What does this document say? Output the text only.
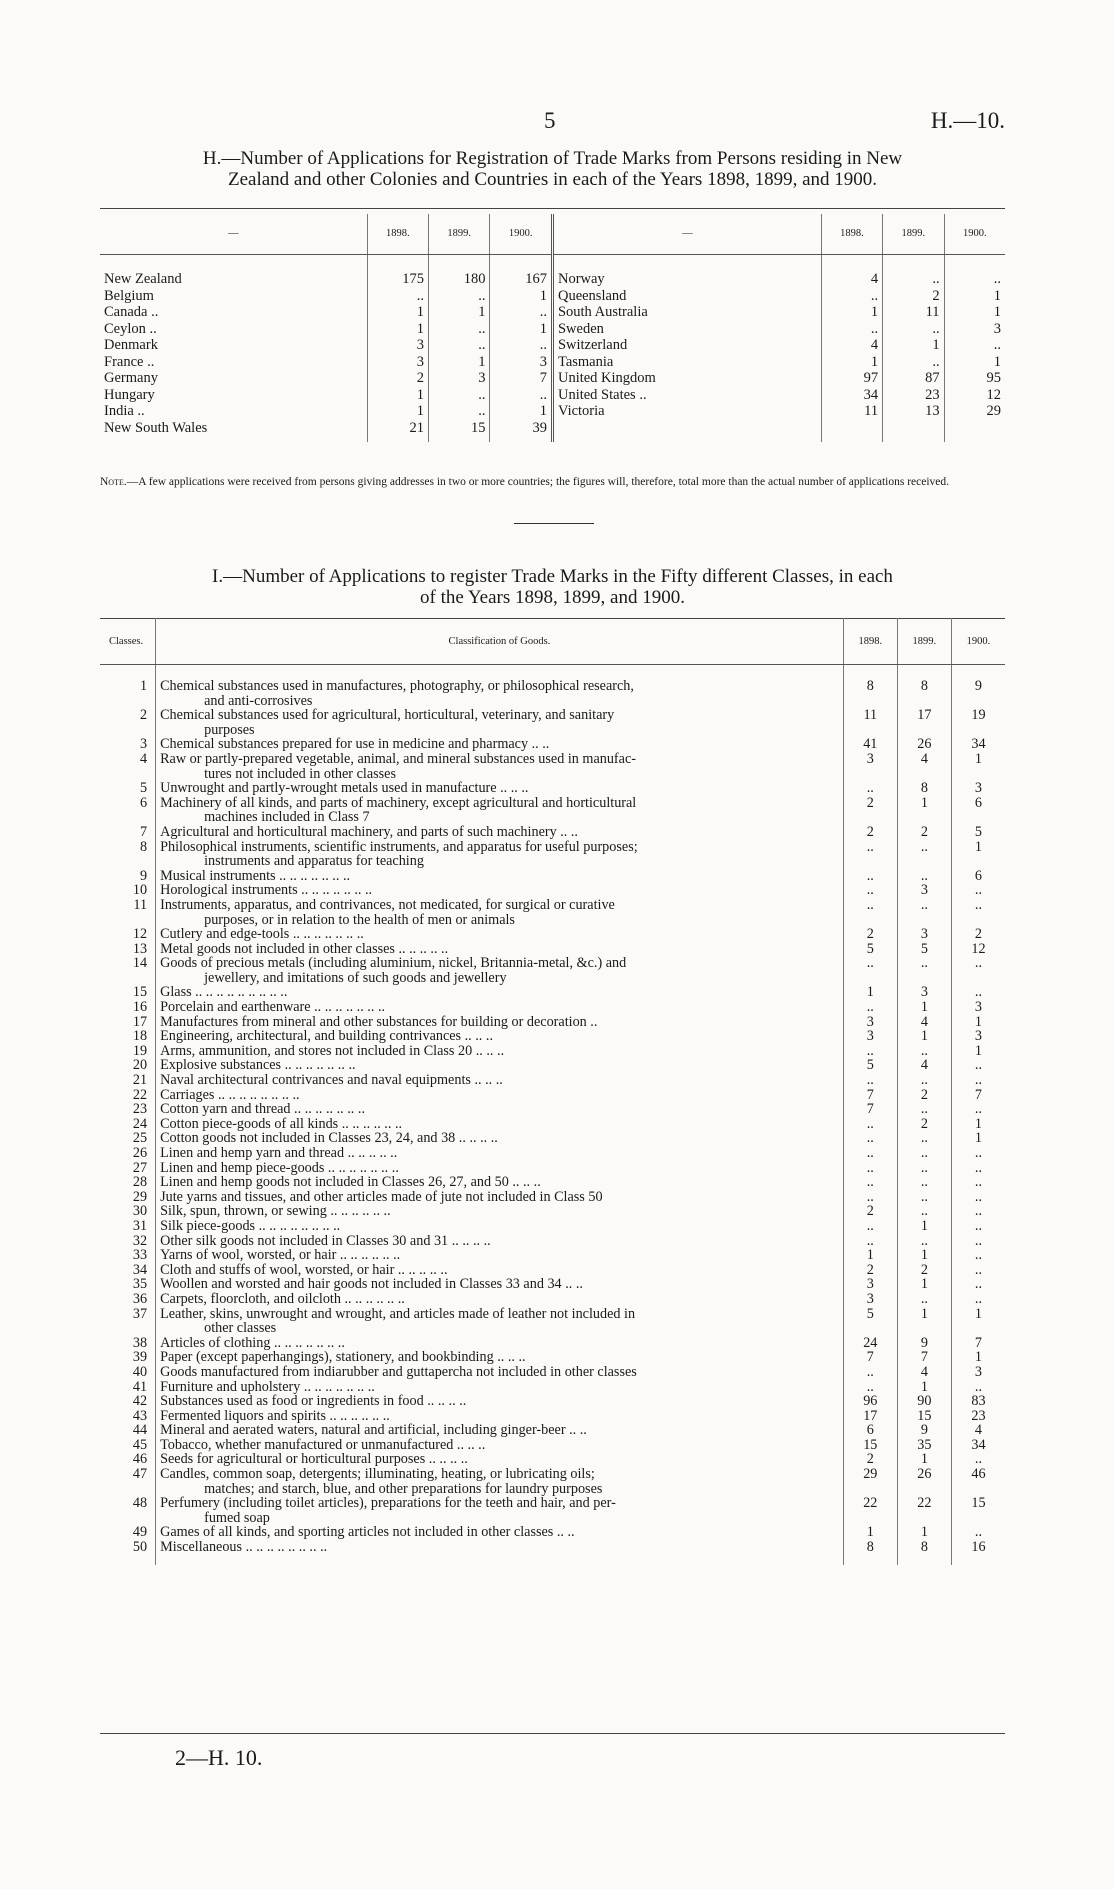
5	H.—10.
H.—Number of Applications for Registration of Trade Marks from Persons residing in New
Zealand and other Colonies and Countries in each of the Years 1898, 1899, and 1900.
—	1898.	1899.	1900.	—	1898.	1899.	1900.

New Zealand	175	180	167	Norway	4	..	..
Belgium	..	..	1	Queensland	..	2	1
Canada ..	1	1	..	South Australia	1	11	1
Ceylon ..	1	..	1	Sweden	..	..	3
Denmark	3	..	..	Switzerland	4	1	..
France ..	3	1	3	Tasmania	1	..	1
Germany	2	3	7	United Kingdom	97	87	95
Hungary	1	..	..	United States ..	34	23	12
India ..	1	..	1	Victoria	11	13	29
New South Wales	21	15	39				
Note.—A few applications were received from persons giving addresses in two or more countries; the figures will, therefore, total more than the actual number of applications received.
I.—Number of Applications to register Trade Marks in the Fifty different Classes, in each
of the Years 1898, 1899, and 1900.
Classes.	Classification of Goods.	1898.	1899.	1900.

1	Chemical substances used in manufactures, photography, or philosophical research,
and anti-corrosives	8	8	9
2	Chemical substances used for agricultural, horticultural, veterinary, and sanitary
purposes	11	17	19
3	Chemical substances prepared for use in medicine and pharmacy .. ..	41	26	34
4	Raw or partly-prepared vegetable, animal, and mineral substances used in manufac-
tures not included in other classes	3	4	1
5	Unwrought and partly-wrought metals used in manufacture .. .. ..	..	8	3
6	Machinery of all kinds, and parts of machinery, except agricultural and horticultural
machines included in Class 7	2	1	6
7	Agricultural and horticultural machinery, and parts of such machinery .. ..	2	2	5
8	Philosophical instruments, scientific instruments, and apparatus for useful purposes;
instruments and apparatus for teaching	..	..	1
9	Musical instruments .. .. .. .. .. .. ..	..	..	6
10	Horological instruments .. .. .. .. .. .. ..	..	3	..
11	Instruments, apparatus, and contrivances, not medicated, for surgical or curative
purposes, or in relation to the health of men or animals	..	..	..
12	Cutlery and edge-tools .. .. .. .. .. .. ..	2	3	2
13	Metal goods not included in other classes .. .. .. .. ..	5	5	12
14	Goods of precious metals (including aluminium, nickel, Britannia-metal, &c.) and
jewellery, and imitations of such goods and jewellery	..	..	..
15	Glass .. .. .. .. .. .. .. .. ..	1	3	..
16	Porcelain and earthenware .. .. .. .. .. .. ..	..	1	3
17	Manufactures from mineral and other substances for building or decoration ..	3	4	1
18	Engineering, architectural, and building contrivances .. .. ..	3	1	3
19	Arms, ammunition, and stores not included in Class 20 .. .. ..	..	..	1
20	Explosive substances .. .. .. .. .. .. ..	5	4	..
21	Naval architectural contrivances and naval equipments .. .. ..	..	..	..
22	Carriages .. .. .. .. .. .. .. ..	7	2	7
23	Cotton yarn and thread .. .. .. .. .. .. ..	7	..	..
24	Cotton piece-goods of all kinds .. .. .. .. .. ..	..	2	1
25	Cotton goods not included in Classes 23, 24, and 38 .. .. .. ..	..	..	1
26	Linen and hemp yarn and thread .. .. .. .. ..	..	..	..
27	Linen and hemp piece-goods .. .. .. .. .. .. ..	..	..	..
28	Linen and hemp goods not included in Classes 26, 27, and 50 .. .. ..	..	..	..
29	Jute yarns and tissues, and other articles made of jute not included in Class 50	..	..	..
30	Silk, spun, thrown, or sewing .. .. .. .. .. ..	2	..	..
31	Silk piece-goods .. .. .. .. .. .. .. ..	..	1	..
32	Other silk goods not included in Classes 30 and 31 .. .. .. ..	..	..	..
33	Yarns of wool, worsted, or hair .. .. .. .. .. ..	1	1	..
34	Cloth and stuffs of wool, worsted, or hair .. .. .. .. ..	2	2	..
35	Woollen and worsted and hair goods not included in Classes 33 and 34 .. ..	3	1	..
36	Carpets, floorcloth, and oilcloth .. .. .. .. .. ..	3	..	..
37	Leather, skins, unwrought and wrought, and articles made of leather not included in
other classes	5	1	1
38	Articles of clothing .. .. .. .. .. .. ..	24	9	7
39	Paper (except paperhangings), stationery, and bookbinding .. .. ..	7	7	1
40	Goods manufactured from indiarubber and guttapercha not included in other classes	..	4	3
41	Furniture and upholstery .. .. .. .. .. .. ..	..	1	..
42	Substances used as food or ingredients in food .. .. .. ..	96	90	83
43	Fermented liquors and spirits .. .. .. .. .. ..	17	15	23
44	Mineral and aerated waters, natural and artificial, including ginger-beer .. ..	6	9	4
45	Tobacco, whether manufactured or unmanufactured .. .. ..	15	35	34
46	Seeds for agricultural or horticultural purposes .. .. .. ..	2	1	..
47	Candles, common soap, detergents; illuminating, heating, or lubricating oils;
matches; and starch, blue, and other preparations for laundry purposes	29	26	46
48	Perfumery (including toilet articles), preparations for the teeth and hair, and per-
fumed soap	22	22	15
49	Games of all kinds, and sporting articles not included in other classes .. ..	1	1	..
50	Miscellaneous .. .. .. .. .. .. .. ..	8	8	16
2—H. 10.
